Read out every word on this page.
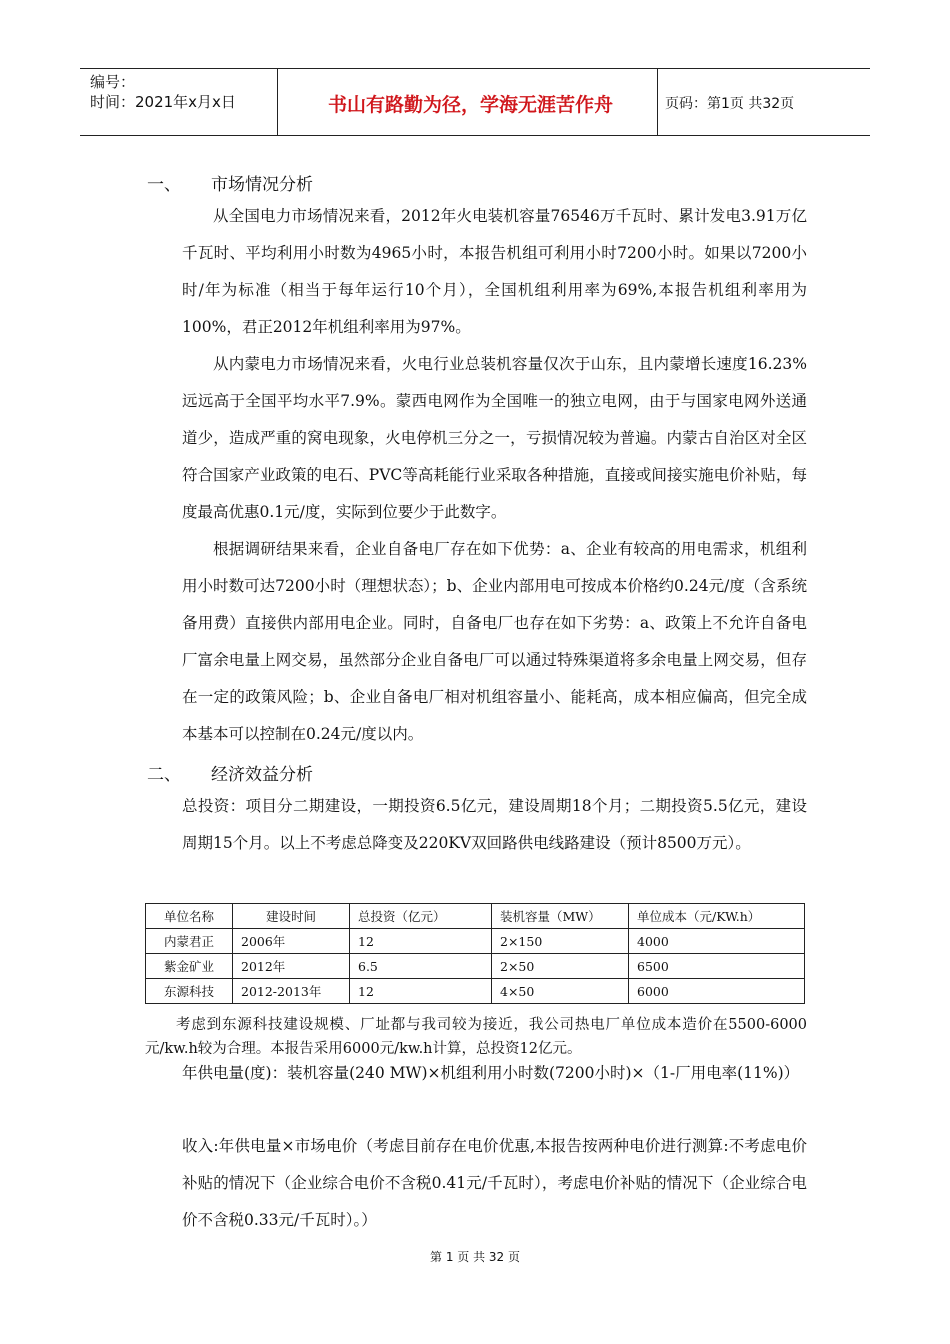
编号：
时间：2021年x月x日	书山有路勤为径，学海无涯苦作舟	页码：第1页 共32页
一、 市场情况分析
从全国电力市场情况来看，2012年火电装机容量76546万千瓦时、累计发电3.91万亿千瓦时、平均利用小时数为4965小时，本报告机组可利用小时7200小时。如果以7200小时/年为标准（相当于每年运行10个月），全国机组利用率为69%,本报告机组利率用为100%，君正2012年机组利率用为97%。
从内蒙电力市场情况来看，火电行业总装机容量仅次于山东，且内蒙增长速度16.23%远远高于全国平均水平7.9%。蒙西电网作为全国唯一的独立电网，由于与国家电网外送通道少，造成严重的窝电现象，火电停机三分之一，亏损情况较为普遍。内蒙古自治区对全区符合国家产业政策的电石、PVC等高耗能行业采取各种措施，直接或间接实施电价补贴，每度最高优惠0.1元/度，实际到位要少于此数字。
根据调研结果来看，企业自备电厂存在如下优势：a、企业有较高的用电需求，机组利用小时数可达7200小时（理想状态）；b、企业内部用电可按成本价格约0.24元/度（含系统备用费）直接供内部用电企业。同时，自备电厂也存在如下劣势：a、政策上不允许自备电厂富余电量上网交易，虽然部分企业自备电厂可以通过特殊渠道将多余电量上网交易，但存在一定的政策风险；b、企业自备电厂相对机组容量小、能耗高，成本相应偏高，但完全成本基本可以控制在0.24元/度以内。
二、 经济效益分析
总投资：项目分二期建设，一期投资6.5亿元，建设周期18个月；二期投资5.5亿元，建设周期15个月。以上不考虑总降变及220KV双回路供电线路建设（预计8500万元）。
单位名称	建设时间	总投资（亿元）	装机容量（MW）	单位成本（元/KW.h）
内蒙君正	2006年	12	2×150	4000
紫金矿业	2012年	6.5	2×50	6500
东源科技	2012-2013年	12	4×50	6000
考虑到东源科技建设规模、厂址都与我司较为接近，我公司热电厂单位成本造价在5500-6000元/kw.h较为合理。本报告采用6000元/kw.h计算，总投资12亿元。
年供电量(度)：装机容量(240 MW)×机组利用小时数(7200小时)×（1-厂用电率(11%)）
收入:年供电量×市场电价（考虑目前存在电价优惠,本报告按两种电价进行测算:不考虑电价补贴的情况下（企业综合电价不含税0.41元/千瓦时），考虑电价补贴的情况下（企业综合电价不含税0.33元/千瓦时）。）
第 1 页 共 32 页
